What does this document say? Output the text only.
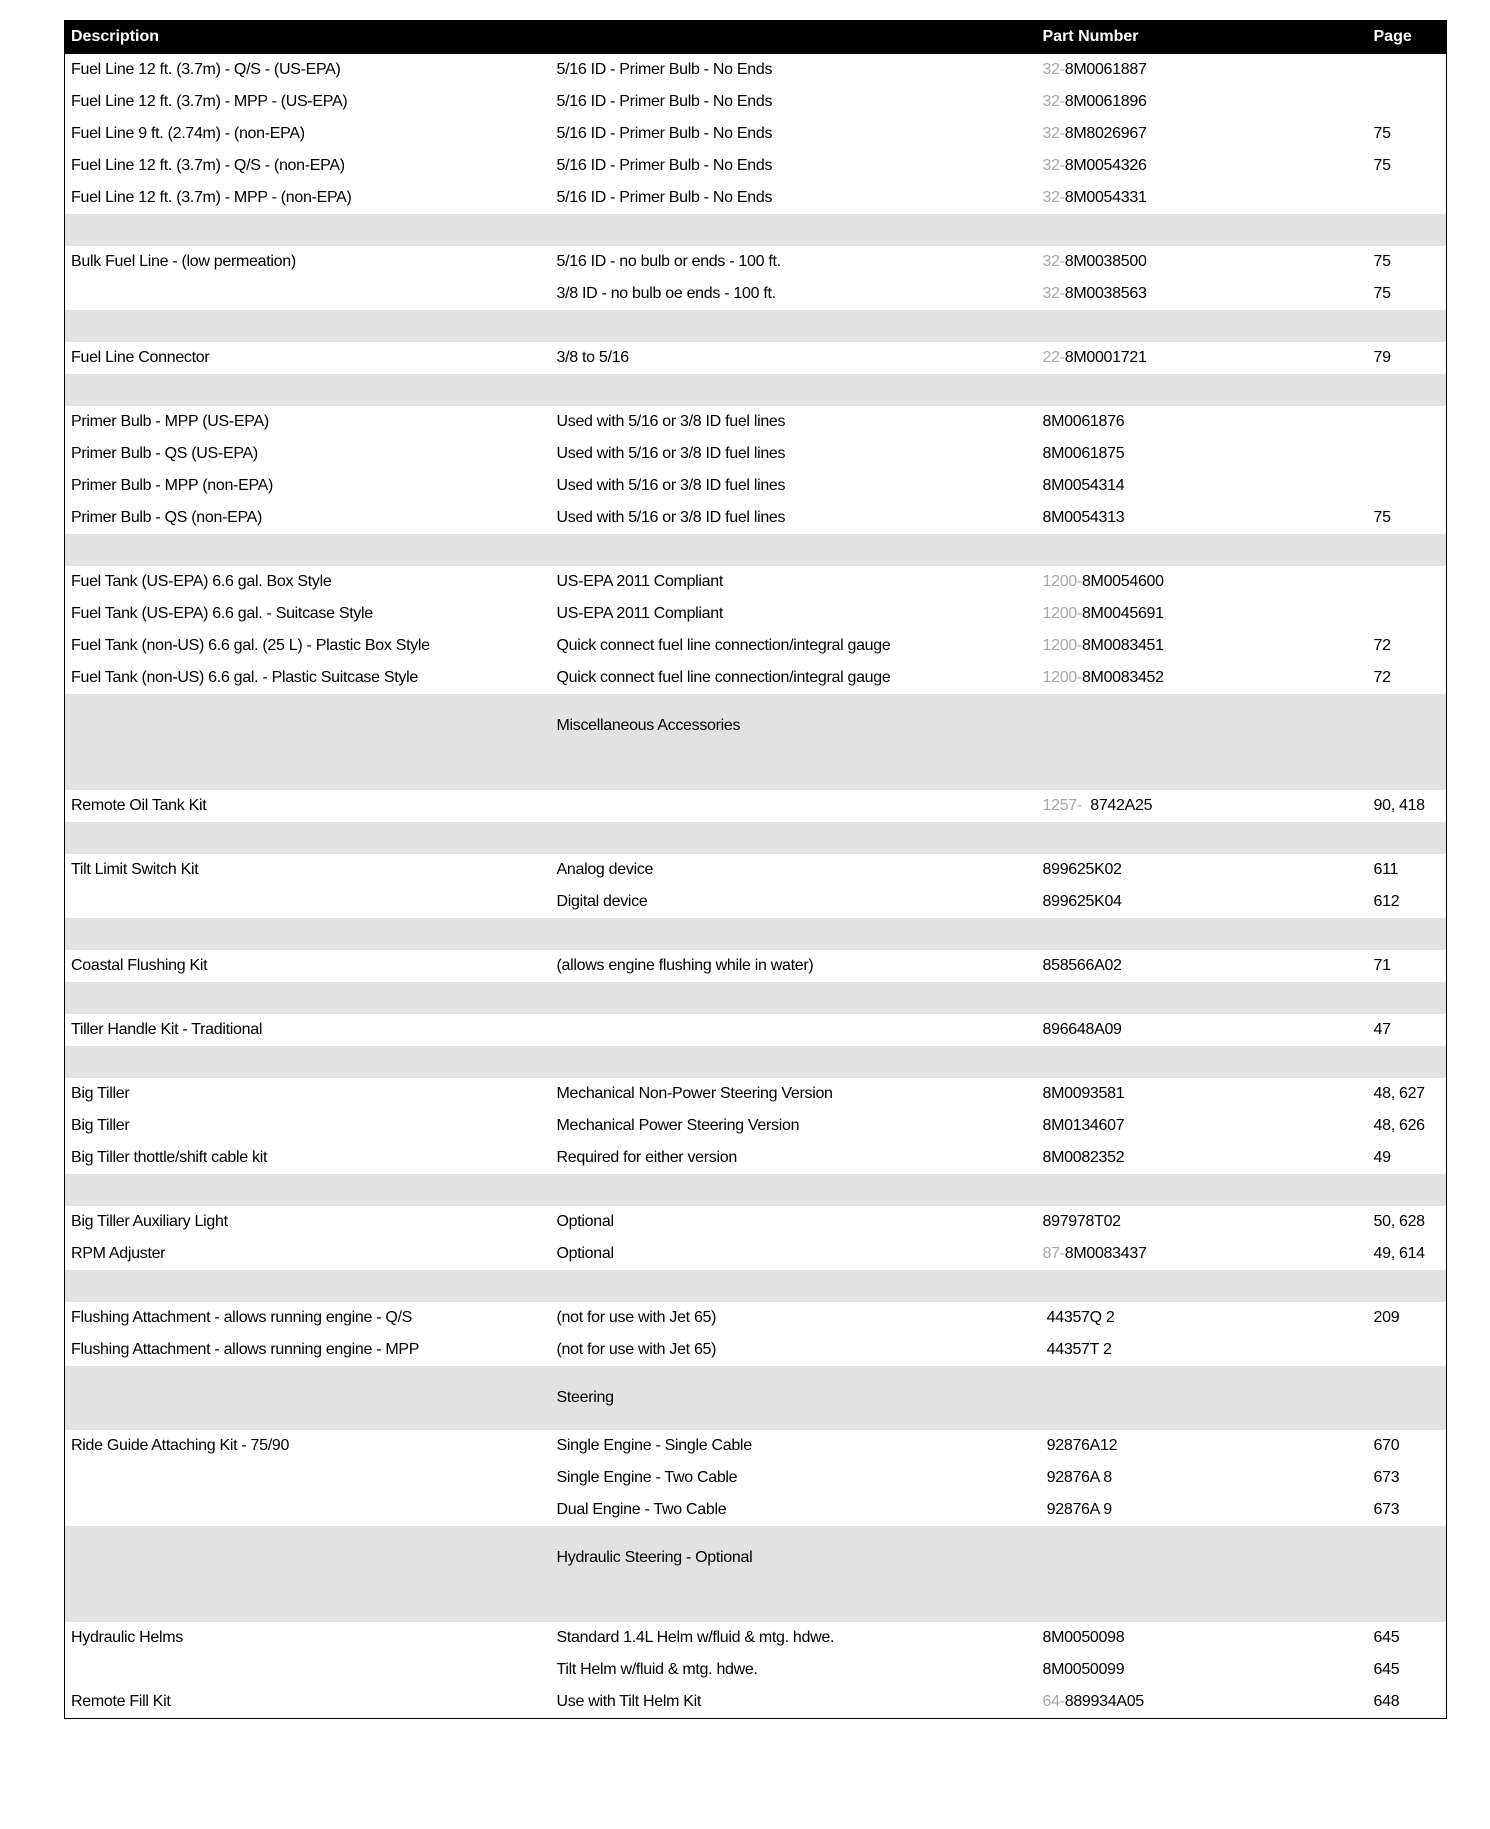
Description		Part Number	Page
Fuel Line 12 ft. (3.7m) - Q/S - (US-EPA)	5/16 ID - Primer Bulb - No Ends	32-8M0061887	
Fuel Line 12 ft. (3.7m) - MPP - (US-EPA)	5/16 ID - Primer Bulb - No Ends	32-8M0061896	
Fuel Line 9 ft. (2.74m) - (non-EPA)	5/16 ID - Primer Bulb - No Ends	32-8M8026967	75
Fuel Line 12 ft. (3.7m) - Q/S - (non-EPA)	5/16 ID - Primer Bulb - No Ends	32-8M0054326	75
Fuel Line 12 ft. (3.7m) - MPP - (non-EPA)	5/16 ID - Primer Bulb - No Ends	32-8M0054331	

Bulk Fuel Line - (low permeation)	5/16 ID - no bulb or ends - 100 ft.	32-8M0038500	75
	3/8 ID - no bulb oe ends - 100 ft.	32-8M0038563	75

Fuel Line Connector	3/8 to 5/16	22-8M0001721	79

Primer Bulb - MPP (US-EPA)	Used with 5/16 or 3/8 ID fuel lines	8M0061876	
Primer Bulb - QS (US-EPA)	Used with 5/16 or 3/8 ID fuel lines	8M0061875	
Primer Bulb - MPP (non-EPA)	Used with 5/16 or 3/8 ID fuel lines	8M0054314	
Primer Bulb - QS (non-EPA)	Used with 5/16 or 3/8 ID fuel lines	8M0054313	75

Fuel Tank (US-EPA) 6.6 gal. Box Style	US-EPA 2011 Compliant	1200-8M0054600	
Fuel Tank (US-EPA) 6.6 gal. - Suitcase Style	US-EPA 2011 Compliant	1200-8M0045691	
Fuel Tank (non-US) 6.6 gal. (25 L) - Plastic Box Style	Quick connect fuel line connection/integral gauge	1200-8M0083451	72
Fuel Tank (non-US) 6.6 gal. - Plastic Suitcase Style	Quick connect fuel line connection/integral gauge	1200-8M0083452	72
	Miscellaneous Accessories		

Remote Oil Tank Kit		1257-  8742A25	90, 418

Tilt Limit Switch Kit	Analog device	899625K02	611
	Digital device	899625K04	612

Coastal Flushing Kit	(allows engine flushing while in water)	858566A02	71

Tiller Handle Kit - Traditional		896648A09	47

Big Tiller	Mechanical Non-Power Steering Version	8M0093581	48, 627
Big Tiller	Mechanical Power Steering Version	8M0134607	48, 626
Big Tiller thottle/shift cable kit	Required for either version	8M0082352	49

Big Tiller Auxiliary Light	Optional	897978T02	50, 628
RPM Adjuster	Optional	87-8M0083437	49, 614

Flushing Attachment - allows running engine - Q/S	(not for use with Jet 65)	44357Q 2	209
Flushing Attachment - allows running engine - MPP	(not for use with Jet 65)	44357T 2	
	Steering		
Ride Guide Attaching Kit - 75/90	Single Engine - Single Cable	92876A12	670
	Single Engine - Two Cable	92876A 8	673
	Dual Engine - Two Cable	92876A 9	673
	Hydraulic Steering - Optional		

Hydraulic Helms	Standard 1.4L Helm w/fluid & mtg. hdwe.	8M0050098	645
	Tilt Helm w/fluid & mtg. hdwe.	8M0050099	645
Remote Fill Kit	Use with Tilt Helm Kit	64-889934A05	648
